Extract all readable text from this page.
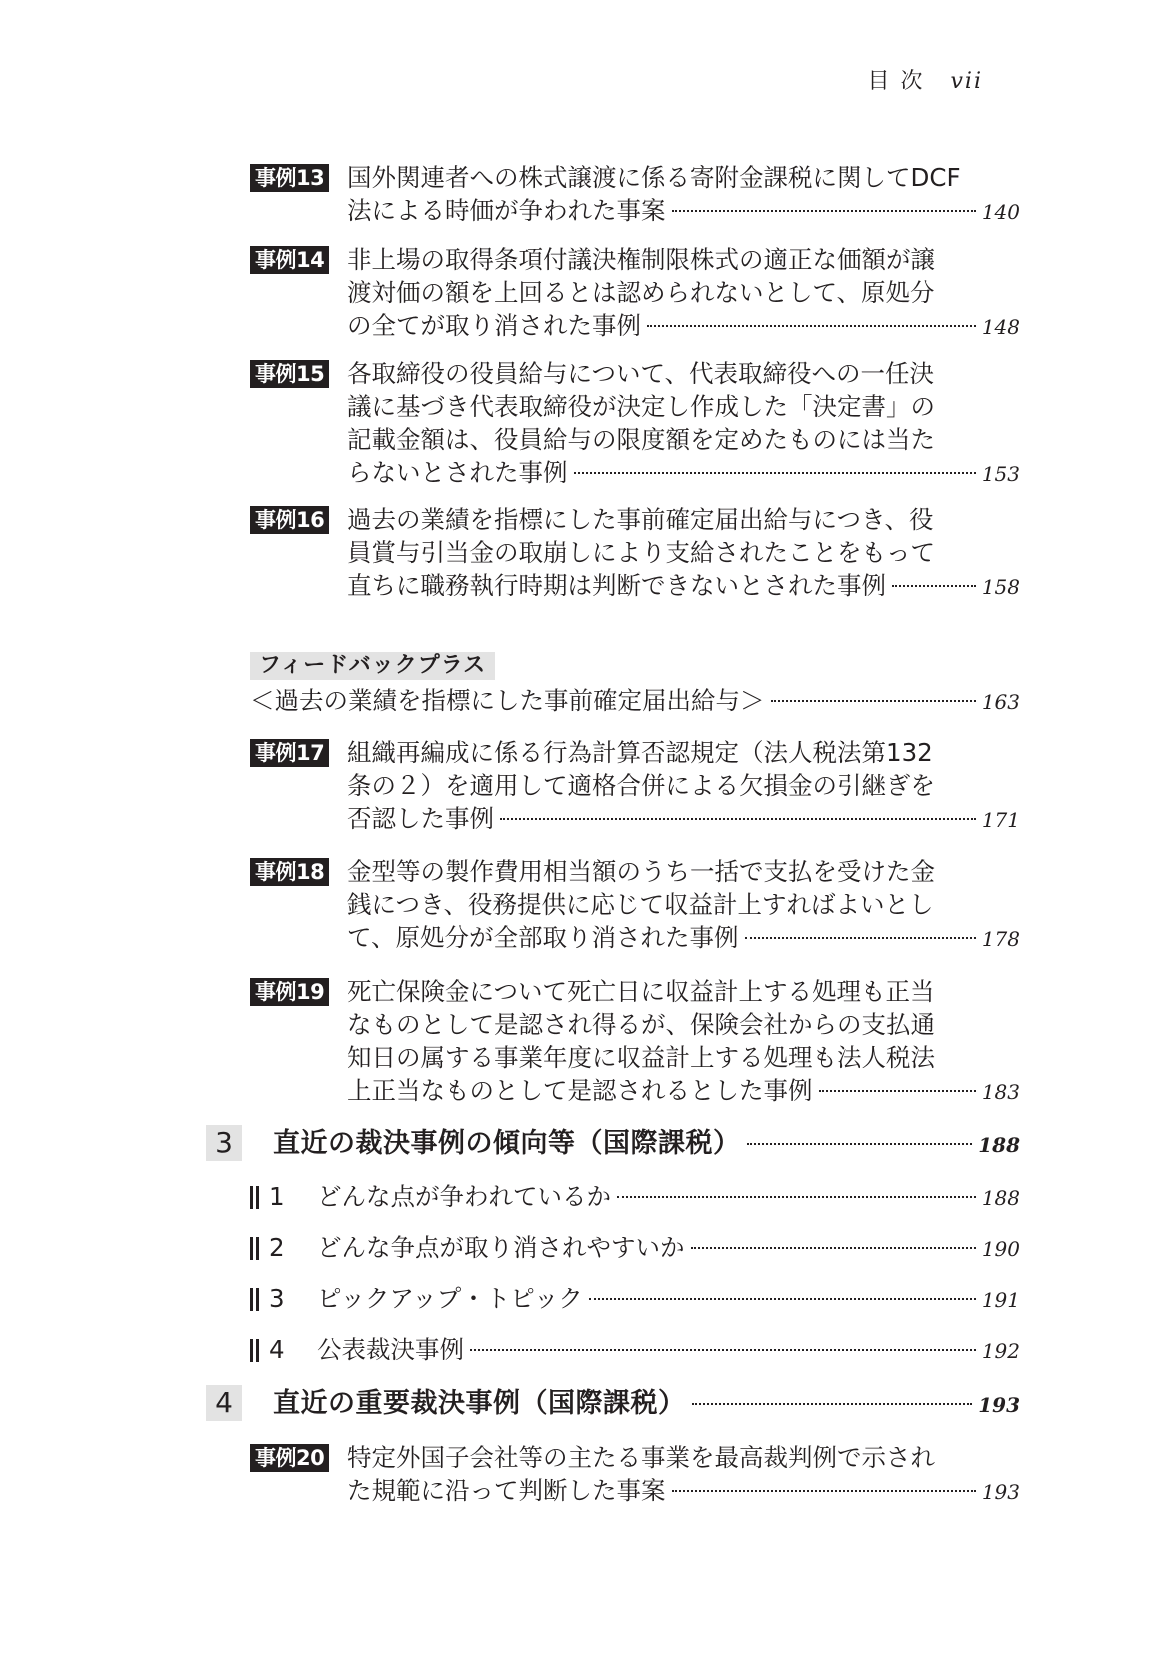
目 次 vii
事例13 国外関連者への株式譲渡に係る寄附金課税に関してDCF
法による時価が争われた事案	140
事例14 非上場の取得条項付議決権制限株式の適正な価額が譲
渡対価の額を上回るとは認められないとして、原処分
の全てが取り消された事例	148
事例15 各取締役の役員給与について、代表取締役への一任決
議に基づき代表取締役が決定し作成した「決定書」の
記載金額は、役員給与の限度額を定めたものには当た
らないとされた事例	153
事例16 過去の業績を指標にした事前確定届出給与につき、役
員賞与引当金の取崩しにより支給されたことをもって
直ちに職務執行時期は判断できないとされた事例	158
フィードバックプラス
＜過去の業績を指標にした事前確定届出給与＞	163
事例17 組織再編成に係る行為計算否認規定（法人税法第132
条の２）を適用して適格合併による欠損金の引継ぎを
否認した事例	171
事例18 金型等の製作費用相当額のうち一括で支払を受けた金
銭につき、役務提供に応じて収益計上すればよいとし
て、原処分が全部取り消された事例	178
事例19 死亡保険金について死亡日に収益計上する処理も正当
なものとして是認され得るが、保険会社からの支払通
知日の属する事業年度に収益計上する処理も法人税法
上正当なものとして是認されるとした事例	183
3	直近の裁決事例の傾向等（国際課税）	188
1 どんな点が争われているか	188
2 どんな争点が取り消されやすいか	190
3 ピックアップ・トピック	191
4 公表裁決事例	192
4	直近の重要裁決事例（国際課税）	193
事例20 特定外国子会社等の主たる事業を最高裁判例で示され
た規範に沿って判断した事案	193
